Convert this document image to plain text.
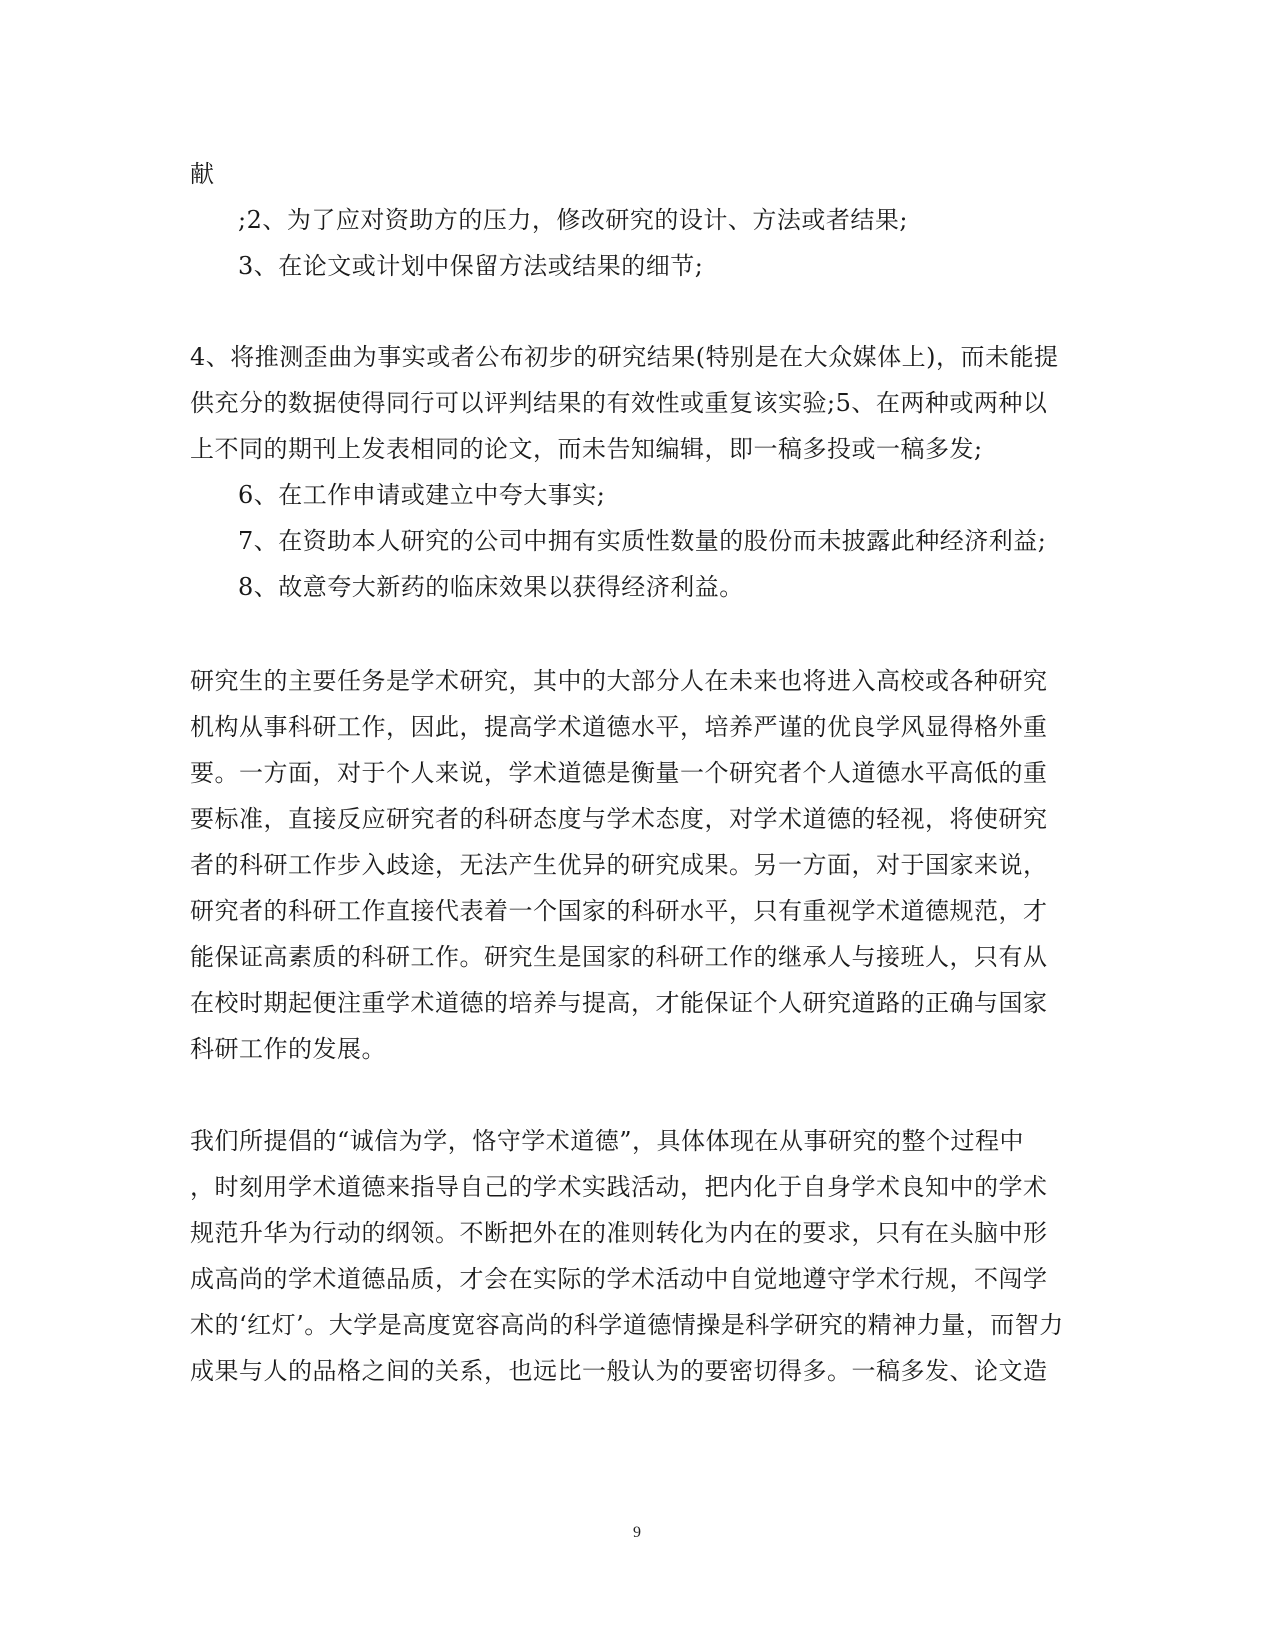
献
;2、为了应对资助方的压力，修改研究的设计、方法或者结果;
3、在论文或计划中保留方法或结果的细节;
4、将推测歪曲为事实或者公布初步的研究结果(特别是在大众媒体上)，而未能提
供充分的数据使得同行可以评判结果的有效性或重复该实验;5、在两种或两种以
上不同的期刊上发表相同的论文，而未告知编辑，即一稿多投或一稿多发;
6、在工作申请或建立中夸大事实;
7、在资助本人研究的公司中拥有实质性数量的股份而未披露此种经济利益;
8、故意夸大新药的临床效果以获得经济利益。
研究生的主要任务是学术研究，其中的大部分人在未来也将进入高校或各种研究
机构从事科研工作，因此，提高学术道德水平，培养严谨的优良学风显得格外重
要。一方面，对于个人来说，学术道德是衡量一个研究者个人道德水平高低的重
要标准，直接反应研究者的科研态度与学术态度，对学术道德的轻视，将使研究
者的科研工作步入歧途，无法产生优异的研究成果。另一方面，对于国家来说，
研究者的科研工作直接代表着一个国家的科研水平，只有重视学术道德规范，才
能保证高素质的科研工作。研究生是国家的科研工作的继承人与接班人，只有从
在校时期起便注重学术道德的培养与提高，才能保证个人研究道路的正确与国家
科研工作的发展。
我们所提倡的“诚信为学，恪守学术道德”，具体体现在从事研究的整个过程中
，时刻用学术道德来指导自己的学术实践活动，把内化于自身学术良知中的学术
规范升华为行动的纲领。不断把外在的准则转化为内在的要求，只有在头脑中形
成高尚的学术道德品质，才会在实际的学术活动中自觉地遵守学术行规，不闯学
术的‘红灯’。大学是高度宽容高尚的科学道德情操是科学研究的精神力量，而智力
成果与人的品格之间的关系，也远比一般认为的要密切得多。一稿多发、论文造
9
